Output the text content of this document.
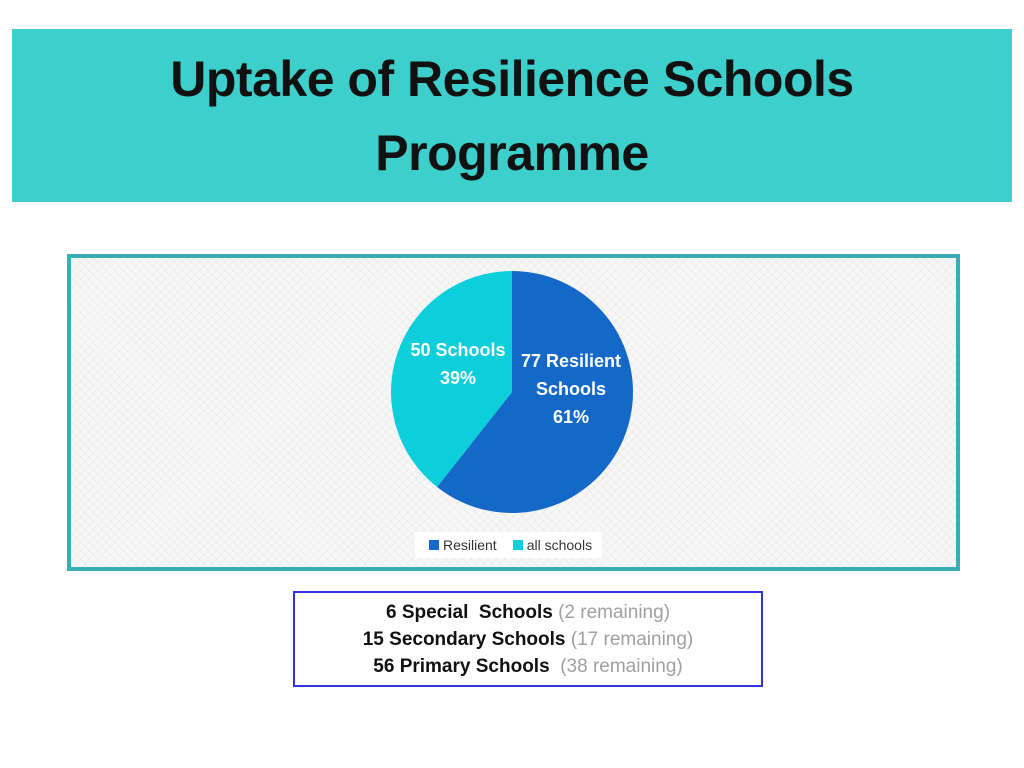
Uptake of Resilience Schools
Programme
77 Resilient Schools 61%
50 Schools 39%
Resilient all schools
6 Special  Schools (2 remaining)
15 Secondary Schools (17 remaining)
56 Primary Schools  (38 remaining)
